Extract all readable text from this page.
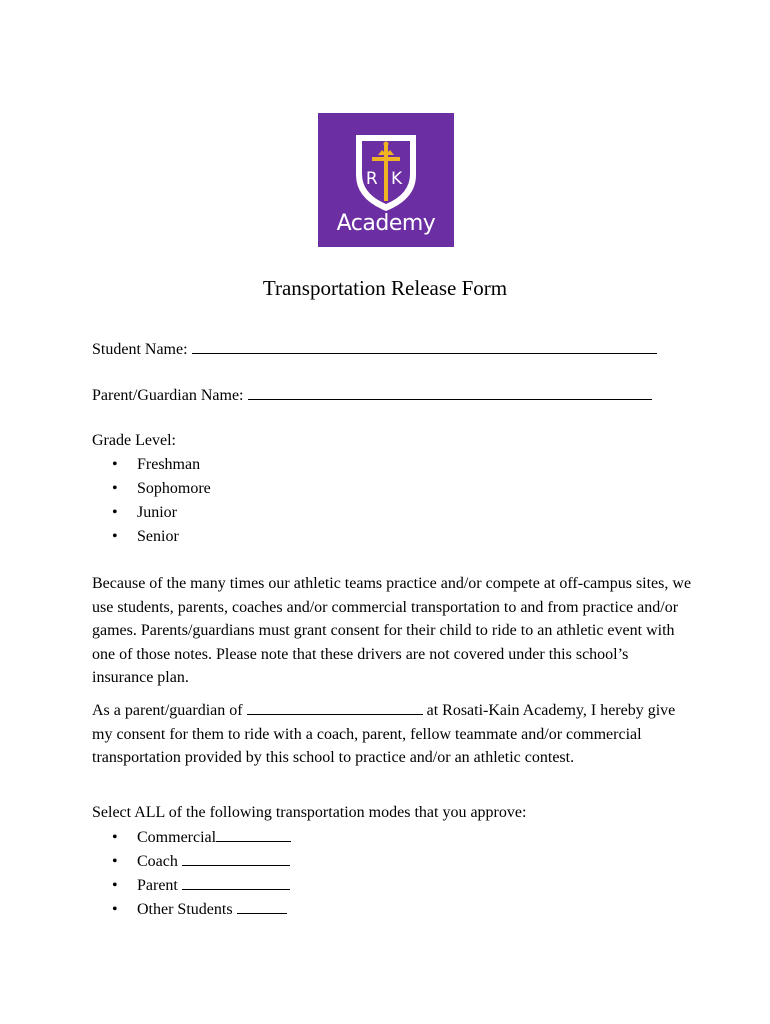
R K
Academy
Transportation Release Form
Student Name:
Parent/Guardian Name:
Grade Level:
• Freshman
• Sophomore
• Junior
• Senior
Because of the many times our athletic teams practice and/or compete at off-campus sites, we use students, parents, coaches and/or commercial transportation to and from practice and/or games. Parents/guardians must grant consent for their child to ride to an athletic event with one of those notes. Please note that these drivers are not covered under this school’s insurance plan.
As a parent/guardian of	at Rosati-Kain Academy, I hereby give my consent for them to ride with a coach, parent, fellow teammate and/or commercial transportation provided by this school to practice and/or an athletic contest.
Select ALL of the following transportation modes that you approve:
• Commercial
• Coach
• Parent
• Other Students
